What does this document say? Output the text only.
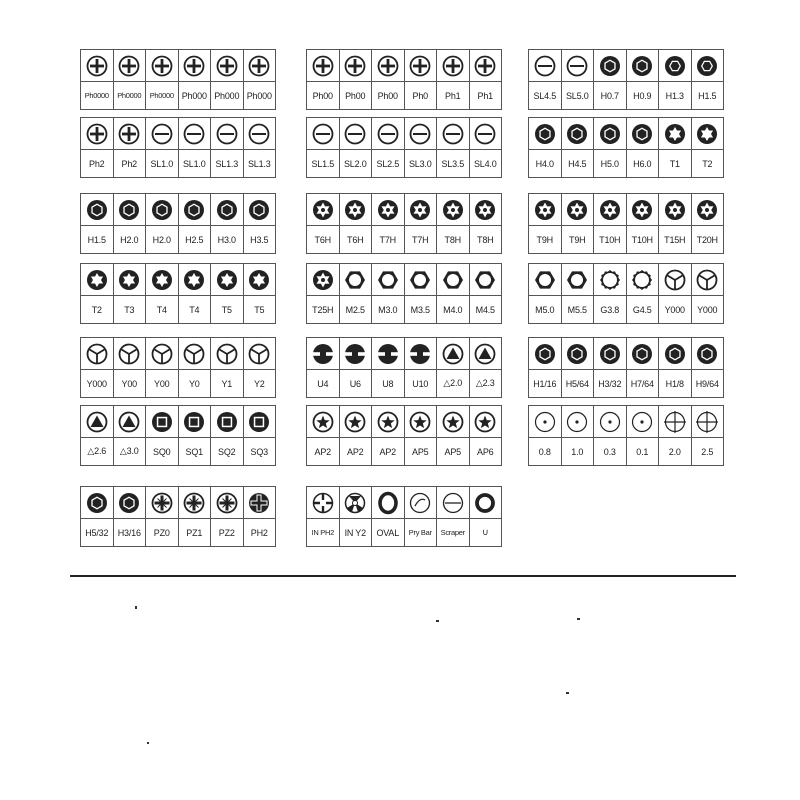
Ph0000	Ph0000	Ph0000 Ph000 Ph000 Ph000	Ph00	Ph00	Ph00	Ph0	Ph1	Ph1	SL4.5	SL5.0	H0.7	H0.9	H1.3	H1.5
Ph2	Ph2	SL1.0	SL1.0	SL1.3	SL1.3	SL1.5	SL2.0	SL2.5	SL3.0	SL3.5	SL4.0	H4.0	H4.5	H5.0	H6.0	T1	T2
H1.5	H2.0	H2.0	H2.5	H3.0	H3.5	T6H	T6H	T7H	T7H	T8H	T8H	T9H	T9H	T10H	T10H	T15H	T20H
T2	T3	T4	T4	T5	T5	T25H	M2.5	M3.0	M3.5	M4.0	M4.5	M5.0	M5.5	G3.8	G4.5	Y000	Y000
Y000	Y00	Y00	Y0	Y1	Y2	U4	U6	U8	U10	△2.0	△2.3	H1/16	H5/64	H3/32	H7/64	H1/8	H9/64
△2.6	△3.0	SQ0	SQ1	SQ2	SQ3	AP2	AP2	AP2	AP5	AP5	AP6	0.8	1.0	0.3	0.1	2.0	2.5
H5/32	H3/16	PZ0	PZ1	PZ2	PH2	IN PH2	IN Y2	OVAL	Pry Bar	Scraper	∪
